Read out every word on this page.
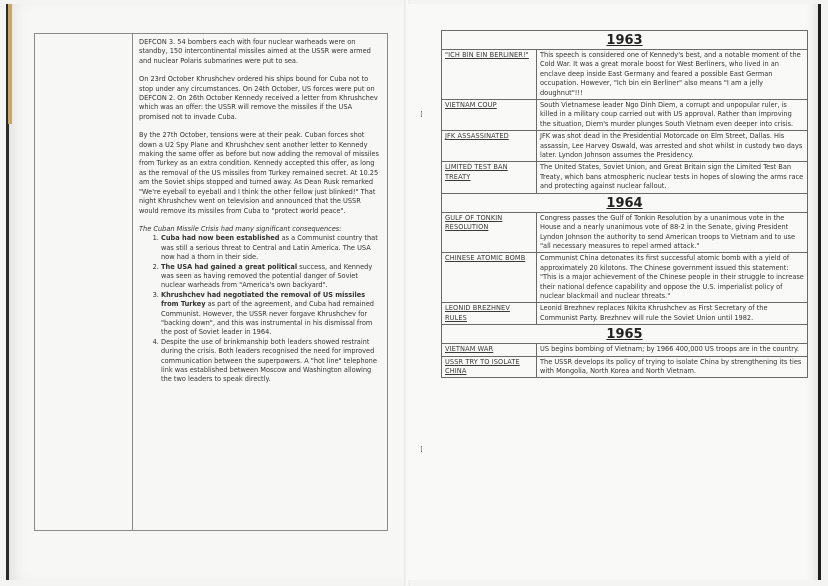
DEFCON 3. 54 bombers each with four nuclear warheads were on standby, 150 intercontinental missiles aimed at the USSR were armed and nuclear Polaris submarines were put to sea.

On 23rd October Khrushchev ordered his ships bound for Cuba not to stop under any circumstances. On 24th October, US forces were put on DEFCON 2. On 26th October Kennedy received a letter from Khrushchev which was an offer: the USSR will remove the missiles if the USA promised not to invade Cuba.

By the 27th October, tensions were at their peak. Cuban forces shot down a U2 Spy Plane and Khrushchev sent another letter to Kennedy making the same offer as before but now adding the removal of missiles from Turkey as an extra condition. Kennedy accepted this offer, as long as the removal of the US missiles from Turkey remained secret. At 10.25 am the Soviet ships stopped and turned away. As Dean Rusk remarked "We're eyeball to eyeball and I think the other fellow just blinked!" That night Khrushchev went on television and announced that the USSR would remove its missiles from Cuba to "protect world peace".

The Cuban Missile Crisis had many significant consequences:
1. Cuba had now been established as a Communist country that was still a serious threat to Central and Latin America. The USA now had a thorn in their side.
2. The USA had gained a great political success, and Kennedy was seen as having removed the potential danger of Soviet nuclear warheads from "America's own backyard".
3. Khrushchev had negotiated the removal of US missiles from Turkey as part of the agreement, and Cuba had remained Communist. However, the USSR never forgave Khrushchev for "backing down", and this was instrumental in his dismissal from the post of Soviet leader in 1964.
4. Despite the use of brinkmanship both leaders showed restraint during the crisis. Both leaders recognised the need for improved communication between the superpowers. A "hot line" telephone link was established between Moscow and Washington allowing the two leaders to speak directly.
⁞
⁞
1963	
"ICH BIN EIN BERLINER!"	This speech is considered one of Kennedy's best, and a notable moment of the Cold War. It was a great morale boost for West Berliners, who lived in an enclave deep inside East Germany and feared a possible East German occupation. However, "Ich bin ein Berliner" also means "I am a jelly doughnut"!!!
VIETNAM COUP	South Vietnamese leader Ngo Dinh Diem, a corrupt and unpopular ruler, is killed in a military coup carried out with US approval. Rather than improving the situation, Diem's murder plunges South Vietnam even deeper into crisis.
JFK ASSASSINATED	JFK was shot dead in the Presidential Motorcade on Elm Street, Dallas. His assassin, Lee Harvey Oswald, was arrested and shot whilst in custody two days later. Lyndon Johnson assumes the Presidency.
LIMITED TEST BAN TREATY	The United States, Soviet Union, and Great Britain sign the Limited Test Ban Treaty, which bans atmospheric nuclear tests in hopes of slowing the arms race and protecting against nuclear fallout.
1964	
GULF OF TONKIN RESOLUTION	Congress passes the Gulf of Tonkin Resolution by a unanimous vote in the House and a nearly unanimous vote of 88-2 in the Senate, giving President Lyndon Johnson the authority to send American troops to Vietnam and to use "all necessary measures to repel armed attack."
CHINESE ATOMIC BOMB	Communist China detonates its first successful atomic bomb with a yield of approximately 20 kilotons. The Chinese government issued this statement: "This is a major achievement of the Chinese people in their struggle to increase their national defence capability and oppose the U.S. imperialist policy of nuclear blackmail and nuclear threats."
LEONID BREZHNEV RULES	Leonid Brezhnev replaces Nikita Khrushchev as First Secretary of the Communist Party. Brezhnev will rule the Soviet Union until 1982.
1965	
VIETNAM WAR	US begins bombing of Vietnam; by 1966 400,000 US troops are in the country.
USSR TRY TO ISOLATE CHINA	The USSR develops its policy of trying to isolate China by strengthening its ties with Mongolia, North Korea and North Vietnam.
